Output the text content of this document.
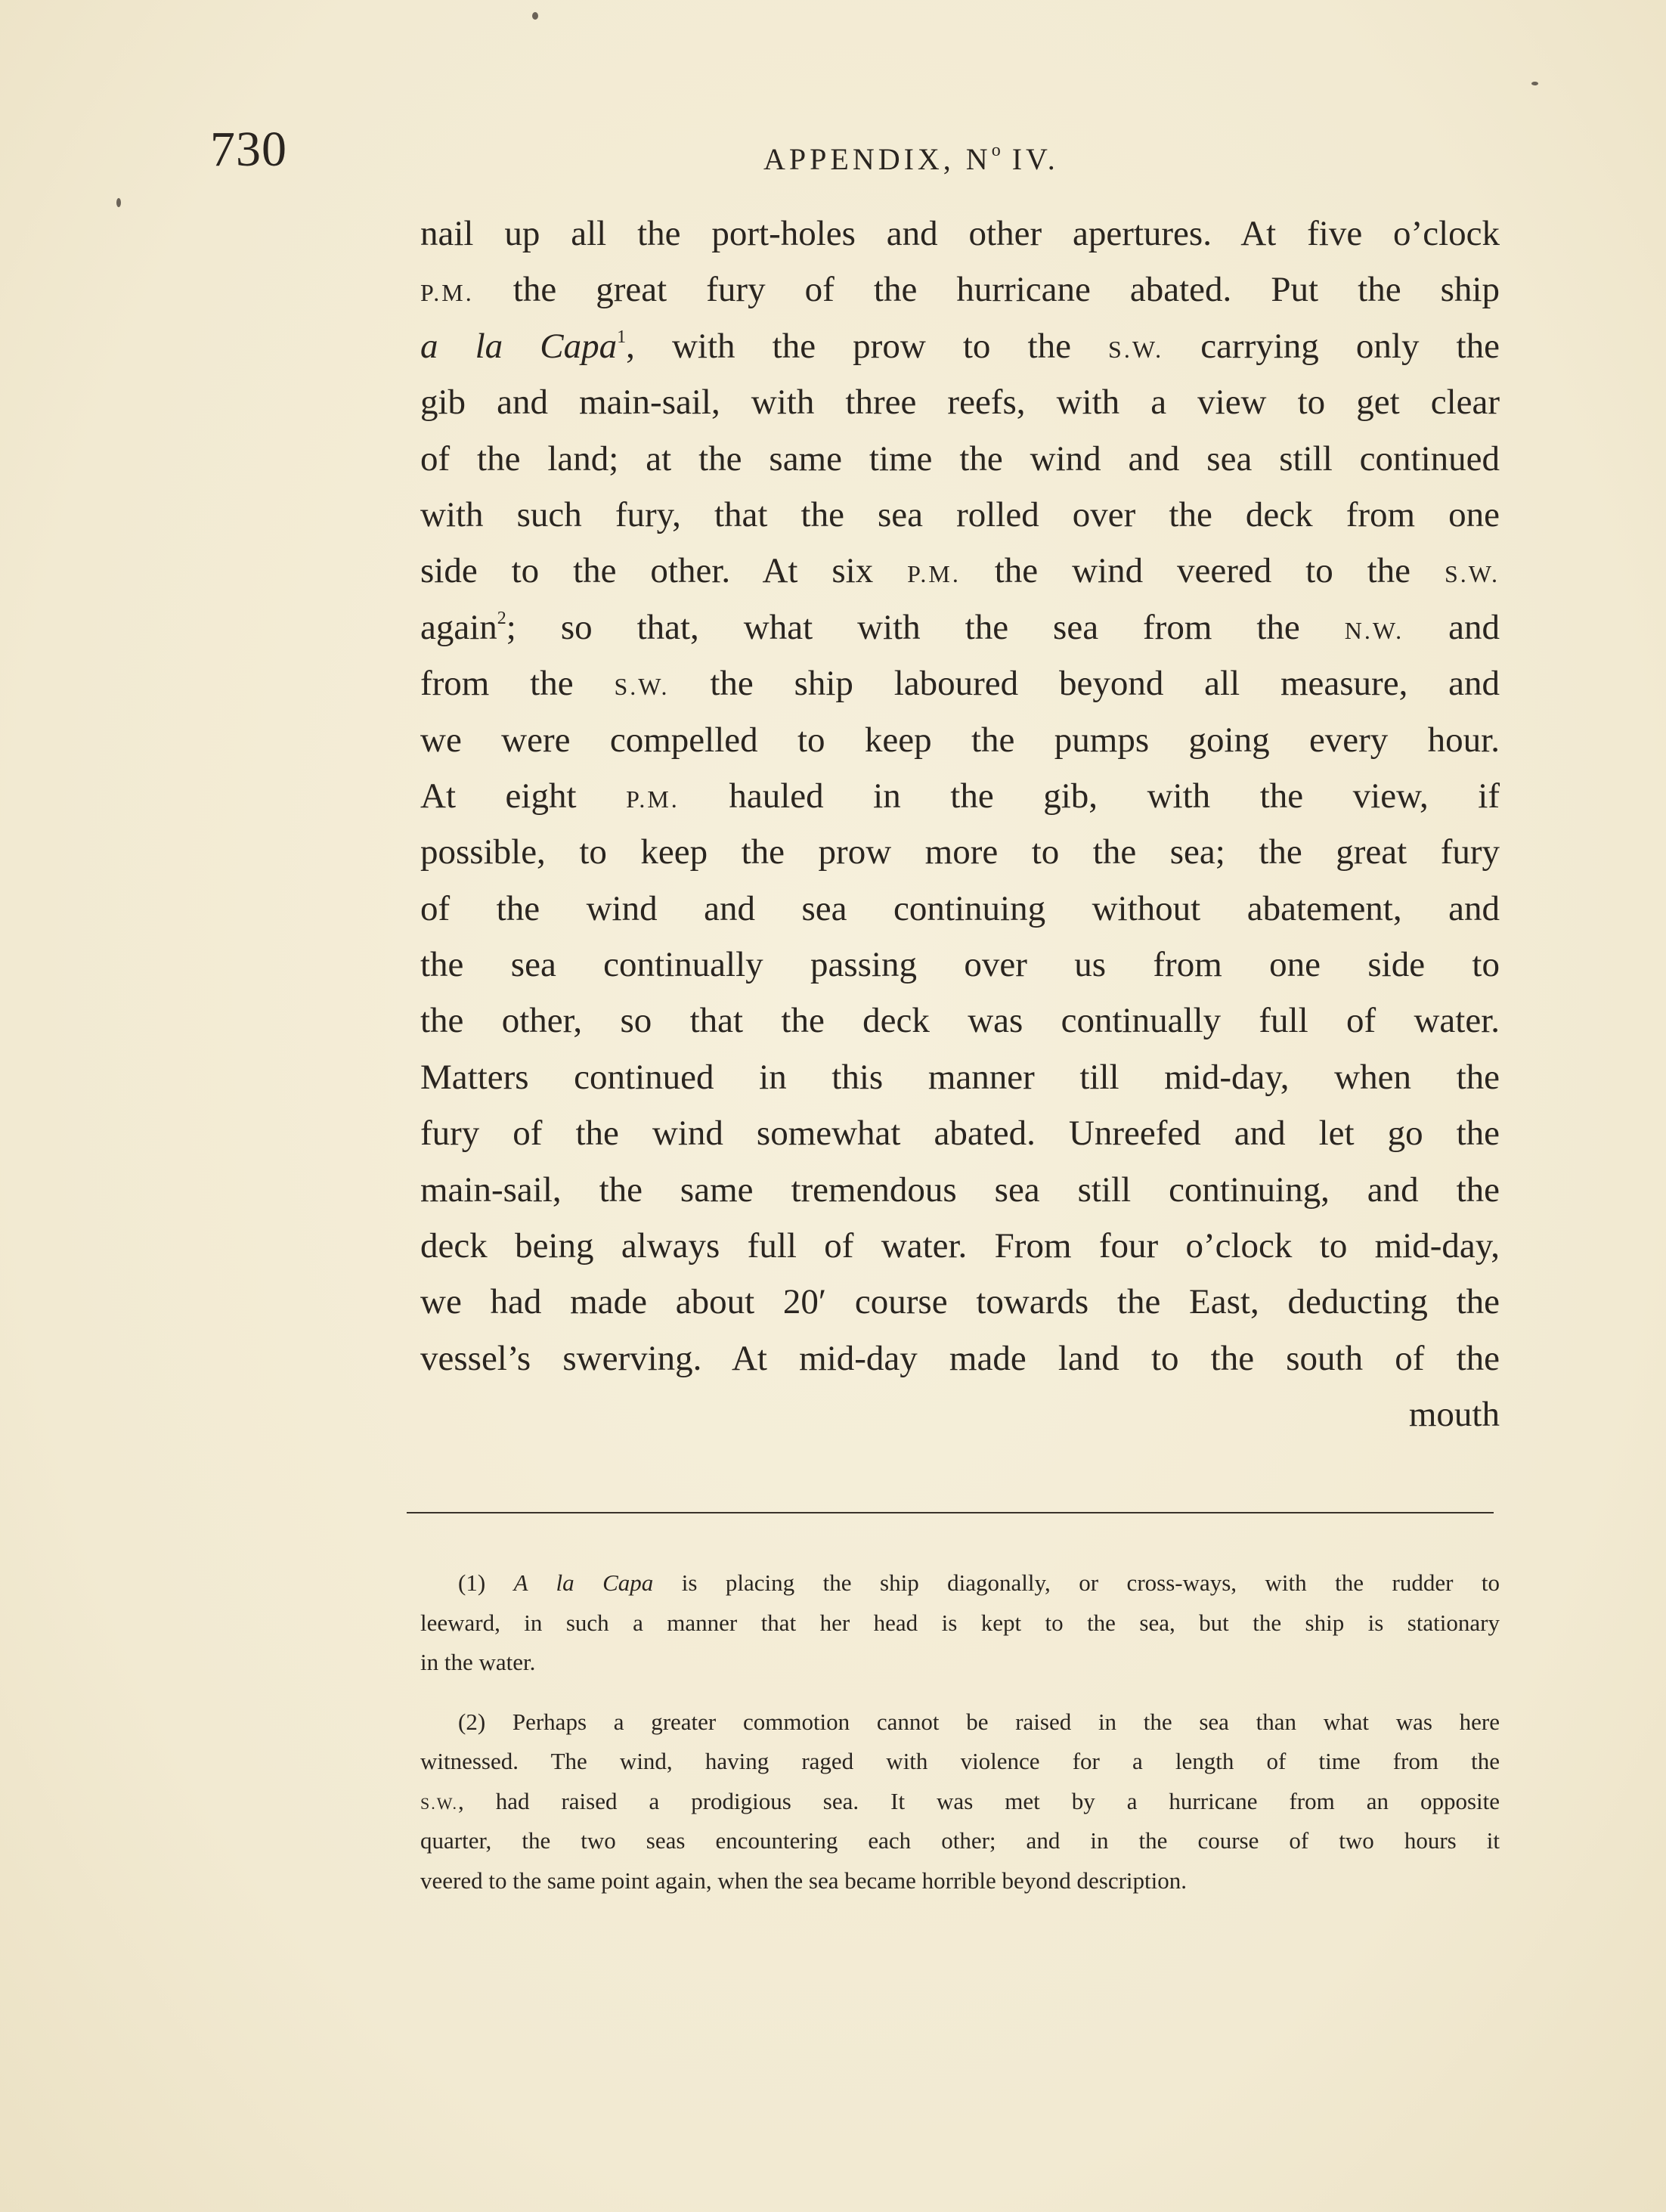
730	APPENDIX, $N^o$ IV.
nail up all the port-holes and other apertures. At five o’clock
P.M. the great fury of the hurricane abated. Put the ship
a la Capa$^1$, with the prow to the S.W. carrying only the
gib and main-sail, with three reefs, with a view to get clear
of the land; at the same time the wind and sea still continued
with such fury, that the sea rolled over the deck from one
side to the other. At six P.M. the wind veered to the S.W.
again$^2$; so that, what with the sea from the N.W. and
from the S.W. the ship laboured beyond all measure, and
we were compelled to keep the pumps going every hour.
At eight P.M. hauled in the gib, with the view, if
possible, to keep the prow more to the sea; the great fury
of the wind and sea continuing without abatement, and
the sea continually passing over us from one side to
the other, so that the deck was continually full of water.
Matters continued in this manner till mid-day, when the
fury of the wind somewhat abated. Unreefed and let go the
main-sail, the same tremendous sea still continuing, and the
deck being always full of water. From four o’clock to mid-day,
we had made about 20′ course towards the East, deducting the
vessel’s swerving. At mid-day made land to the south of the
mouth
(1) A la Capa is placing the ship diagonally, or cross-ways, with the rudder to
leeward, in such a manner that her head is kept to the sea, but the ship is stationary
in the water.
(2) Perhaps a greater commotion cannot be raised in the sea than what was here
witnessed. The wind, having raged with violence for a length of time from the
S.W., had raised a prodigious sea. It was met by a hurricane from an opposite
quarter, the two seas encountering each other; and in the course of two hours it
veered to the same point again, when the sea became horrible beyond description.
